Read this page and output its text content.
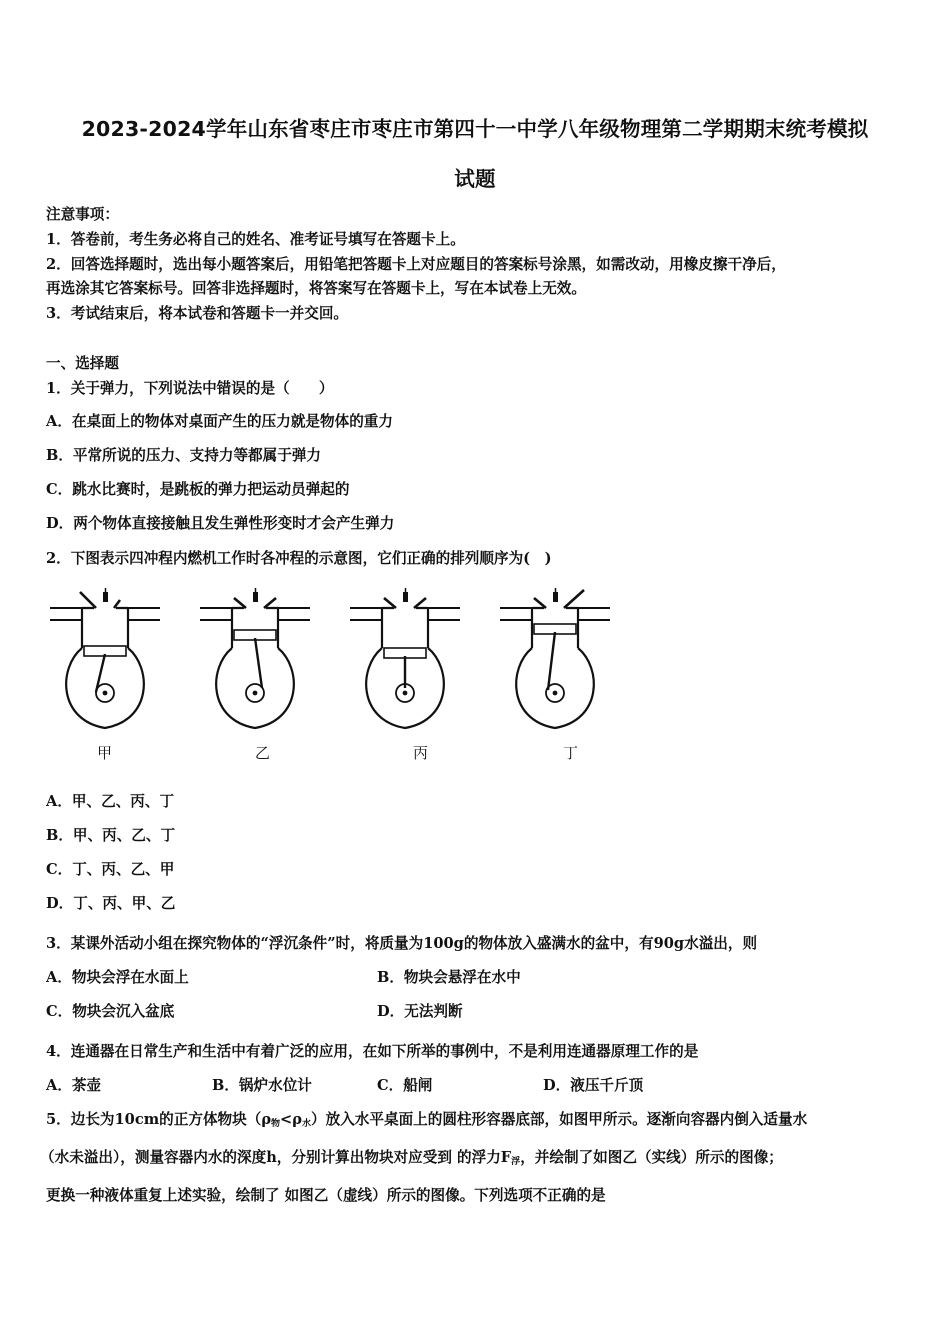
2023-2024学年山东省枣庄市枣庄市第四十一中学八年级物理第二学期期末统考模拟
试题
注意事项：
1．答卷前，考生务必将自己的姓名、准考证号填写在答题卡上。
2．回答选择题时，选出每小题答案后，用铅笔把答题卡上对应题目的答案标号涂黑，如需改动，用橡皮擦干净后，
再选涂其它答案标号。回答非选择题时，将答案写在答题卡上，写在本试卷上无效。
3．考试结束后，将本试卷和答题卡一并交回。
一、选择题
1．关于弹力，下列说法中错误的是（　　）
A．在桌面上的物体对桌面产生的压力就是物体的重力
B．平常所说的压力、支持力等都属于弹力
C．跳水比赛时，是跳板的弹力把运动员弹起的
D．两个物体直接接触且发生弹性形变时才会产生弹力
2．下图表示四冲程内燃机工作时各冲程的示意图，它们正确的排列顺序为(　)
甲	乙	丙	丁
A．甲、乙、丙、丁
B．甲、丙、乙、丁
C．丁、丙、乙、甲
D．丁、丙、甲、乙
3．某课外活动小组在探究物体的“浮沉条件”时，将质量为100g的物体放入盛满水的盆中，有90g水溢出，则
A．物块会浮在水面上	B．物块会悬浮在水中
C．物块会沉入盆底	D．无法判断
4．连通器在日常生产和生活中有着广泛的应用，在如下所举的事例中，不是利用连通器原理工作的是
A．茶壶	B．锅炉水位计	C．船闸	D．液压千斤顶
5．边长为10cm的正方体物块$(\rho_物<\rho_水)$放入水平桌面上的圆柱形容器底部，如图甲所示。逐渐向容器内倒入适量水
（水未溢出），测量容器内水的深度h，分别计算出物块对应受到 的浮力$F_浮$，并绘制了如图乙（实线）所示的图像；
更换一种液体重复上述实验，绘制了 如图乙（虚线）所示的图像。下列选项不正确的是
